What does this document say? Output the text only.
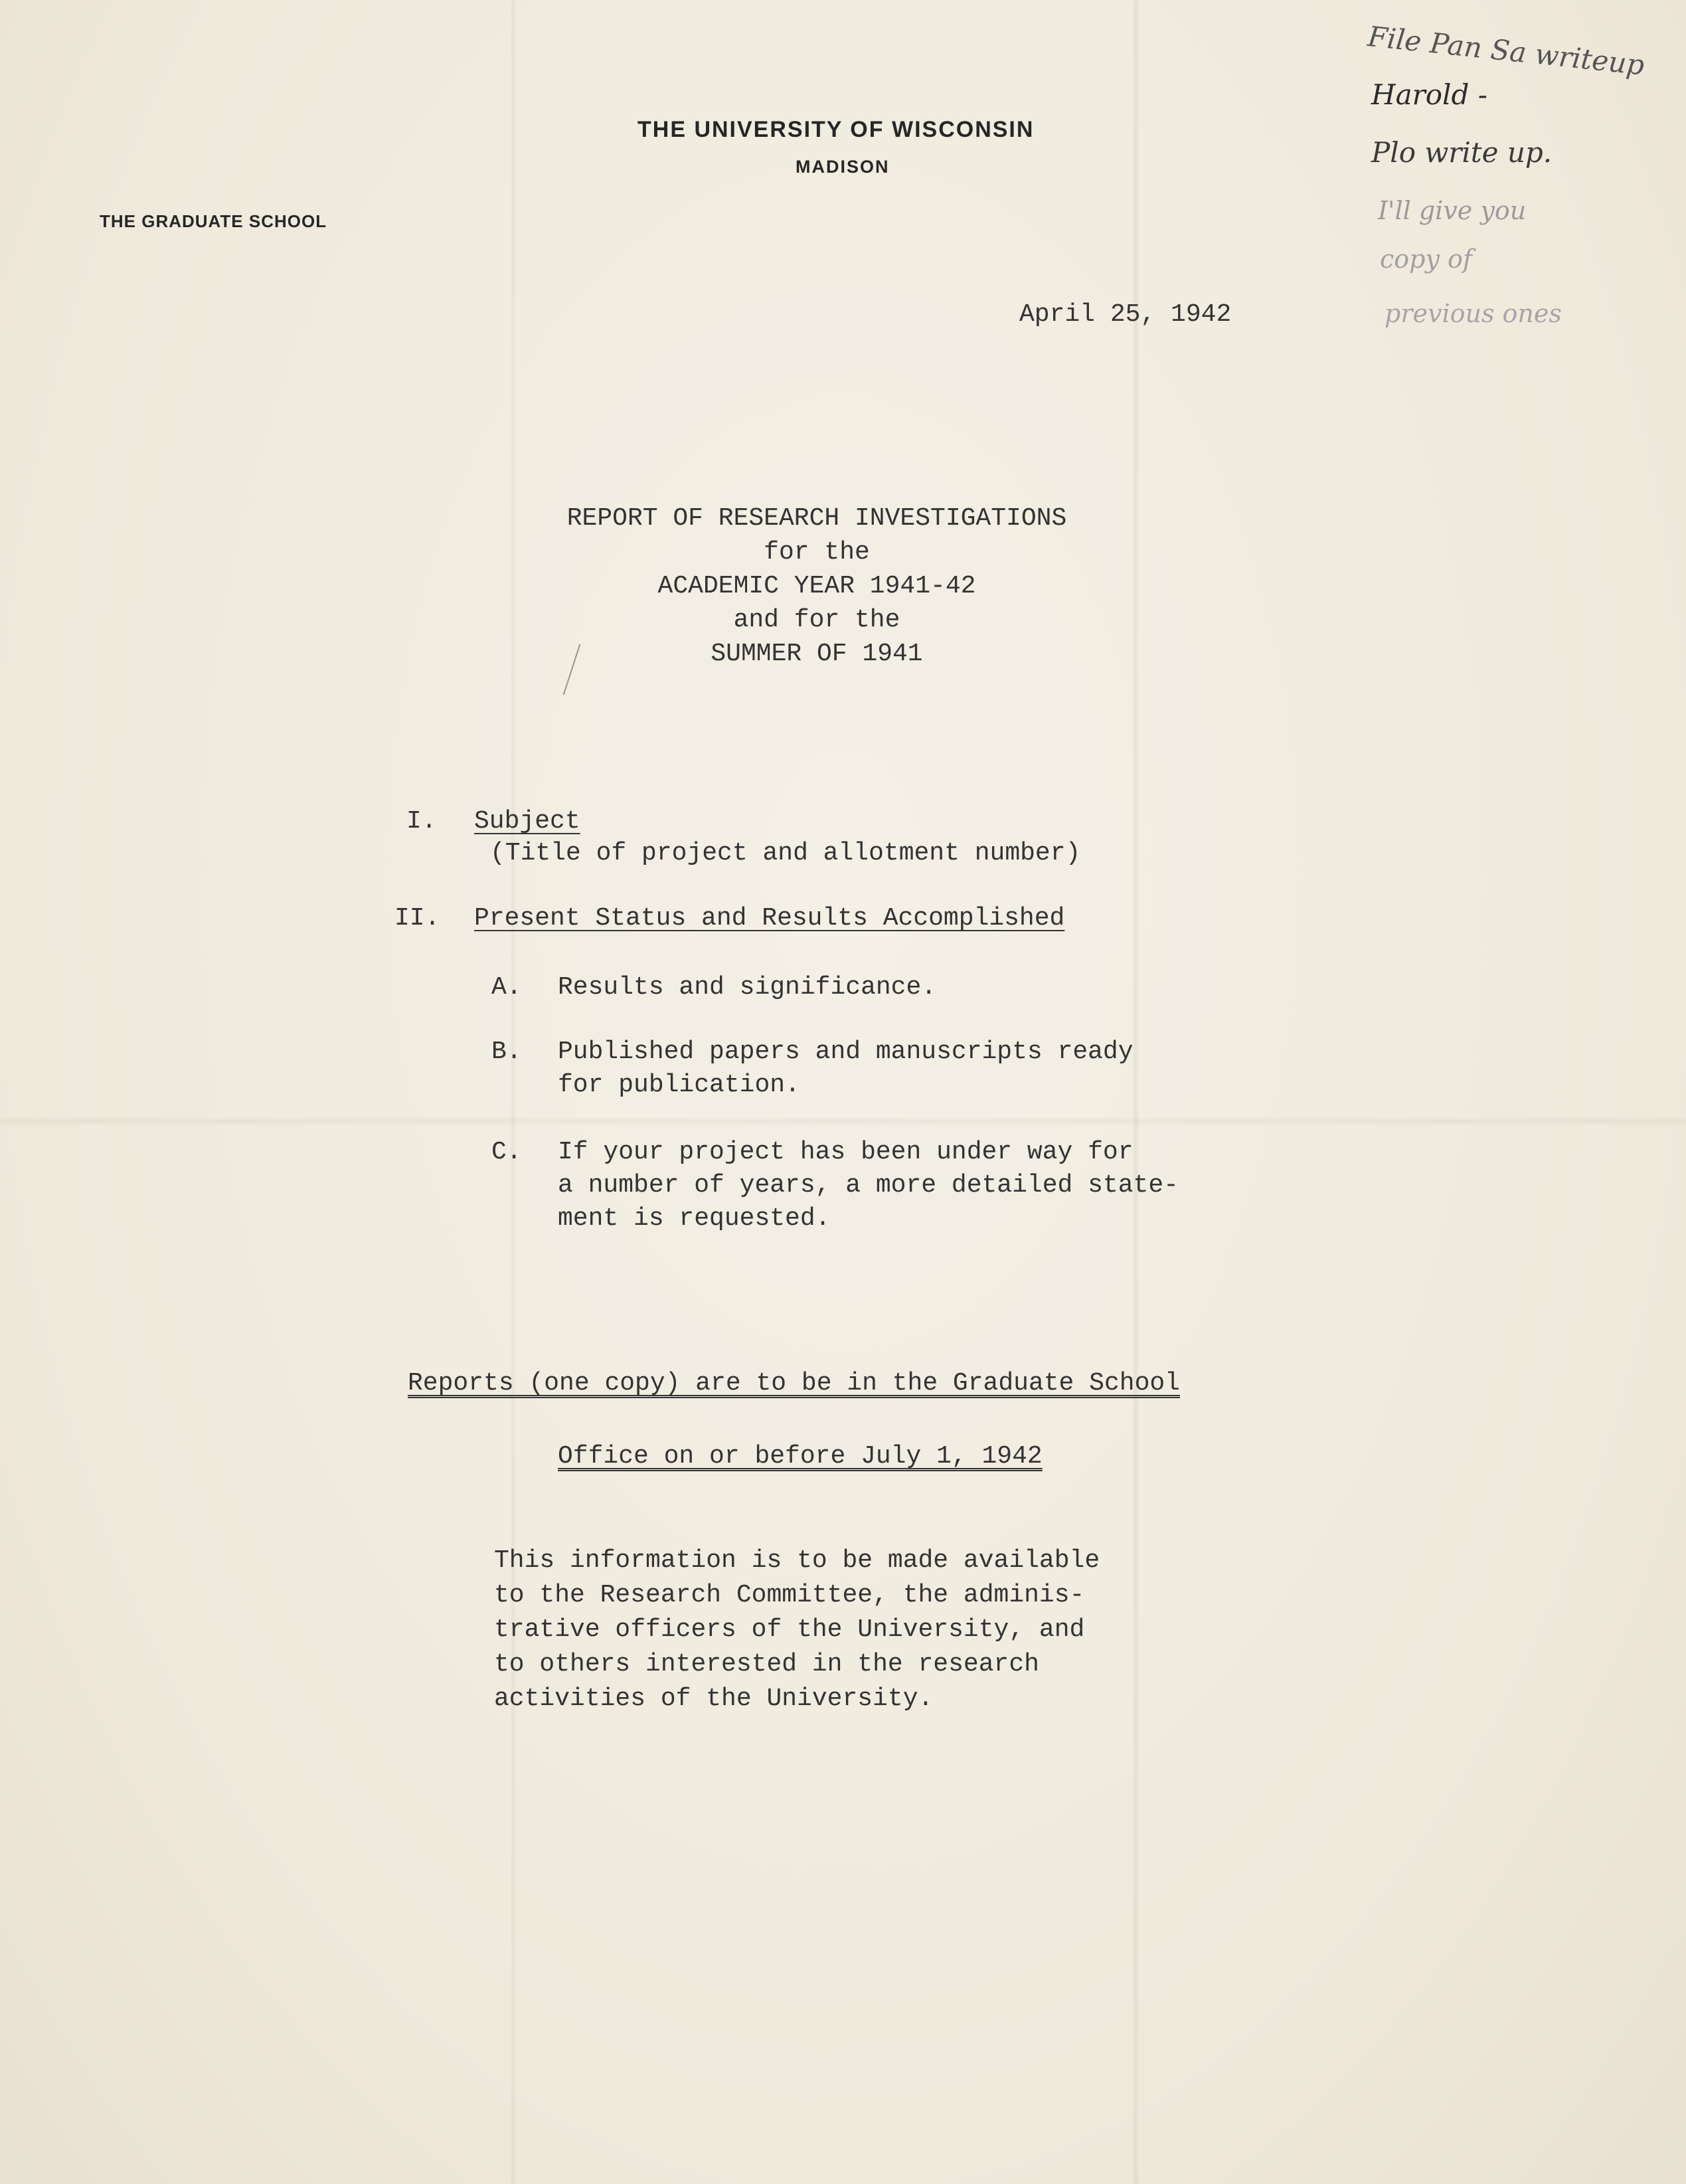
THE UNIVERSITY OF WISCONSIN
MADISON
THE GRADUATE SCHOOL
April 25, 1942
REPORT OF RESEARCH INVESTIGATIONS
for the
ACADEMIC YEAR 1941-42
and for the
SUMMER OF 1941
I. Subject
(Title of project and allotment number)
II. Present Status and Results Accomplished
A. Results and significance.
B. Published papers and manuscripts ready
for publication.
C. If your project has been under way for
a number of years, a more detailed state-
ment is requested.
Reports (one copy) are to be in the Graduate School
Office on or before July 1, 1942
This information is to be made available
to the Research Committee, the adminis-
trative officers of the University, and
to others interested in the research
activities of the University.
File Pan Sa writeup
Harold -
Plo write up.
I'll give you
copy of
previous ones
